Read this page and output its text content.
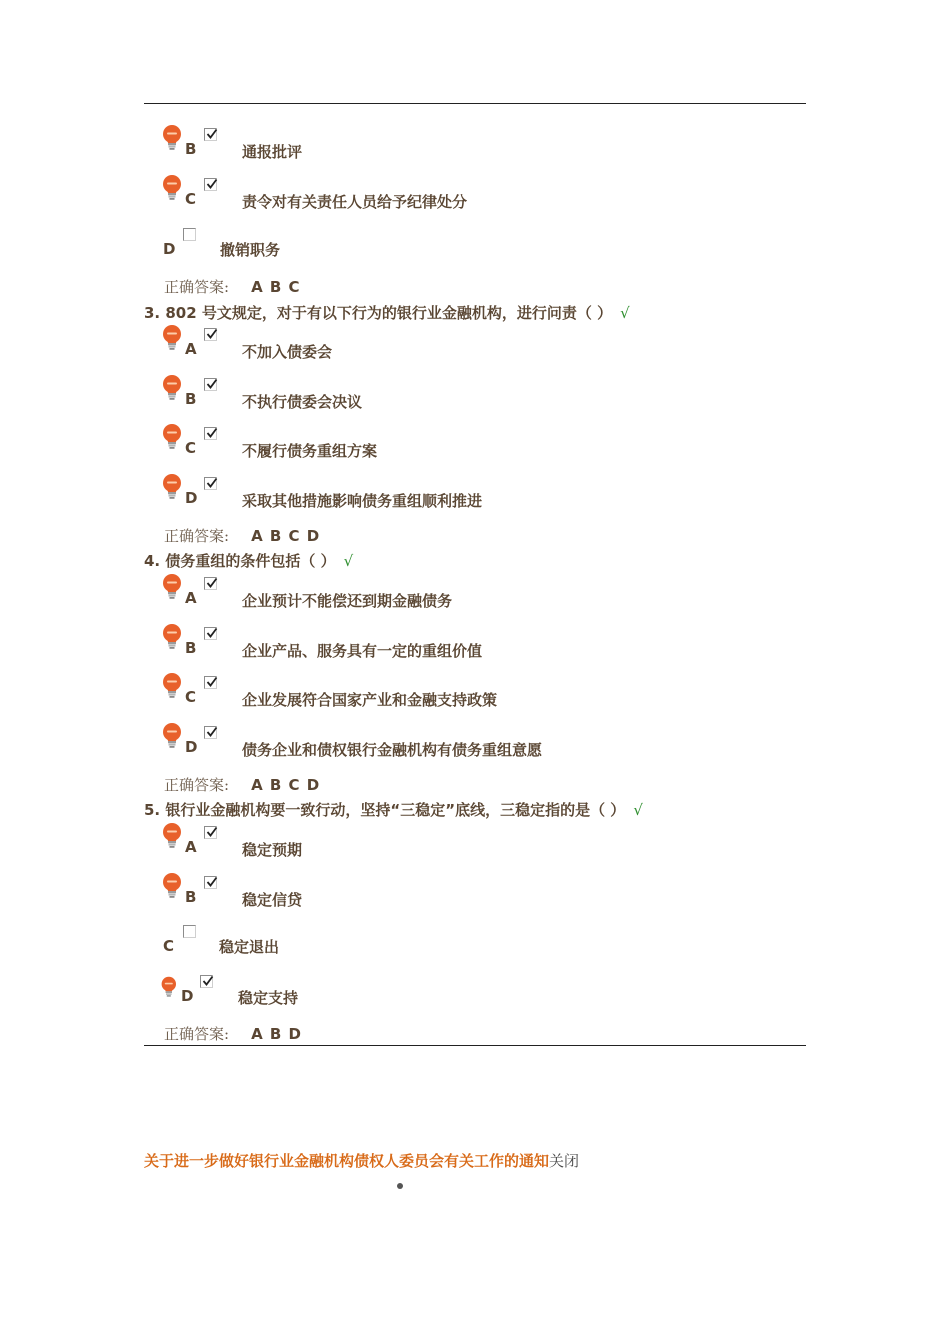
B	通报批评
C	责令对有关责任人员给予纪律处分
D	撤销职务
正确答案: A B C
3. 802 号文规定，对于有以下行为的银行业金融机构，进行问责（ ） √
A	不加入债委会
B	不执行债委会决议
C	不履行债务重组方案
D	采取其他措施影响债务重组顺利推进
正确答案: A B C D
4. 债务重组的条件包括（ ） √
A	企业预计不能偿还到期金融债务
B	企业产品、服务具有一定的重组价值
C	企业发展符合国家产业和金融支持政策
D	债务企业和债权银行金融机构有债务重组意愿
正确答案: A B C D
5. 银行业金融机构要一致行动，坚持“三稳定”底线，三稳定指的是（ ） √
A	稳定预期
B	稳定信贷
C	稳定退出
D	稳定支持
正确答案: A B D
关于进一步做好银行业金融机构债权人委员会有关工作的通知关闭
